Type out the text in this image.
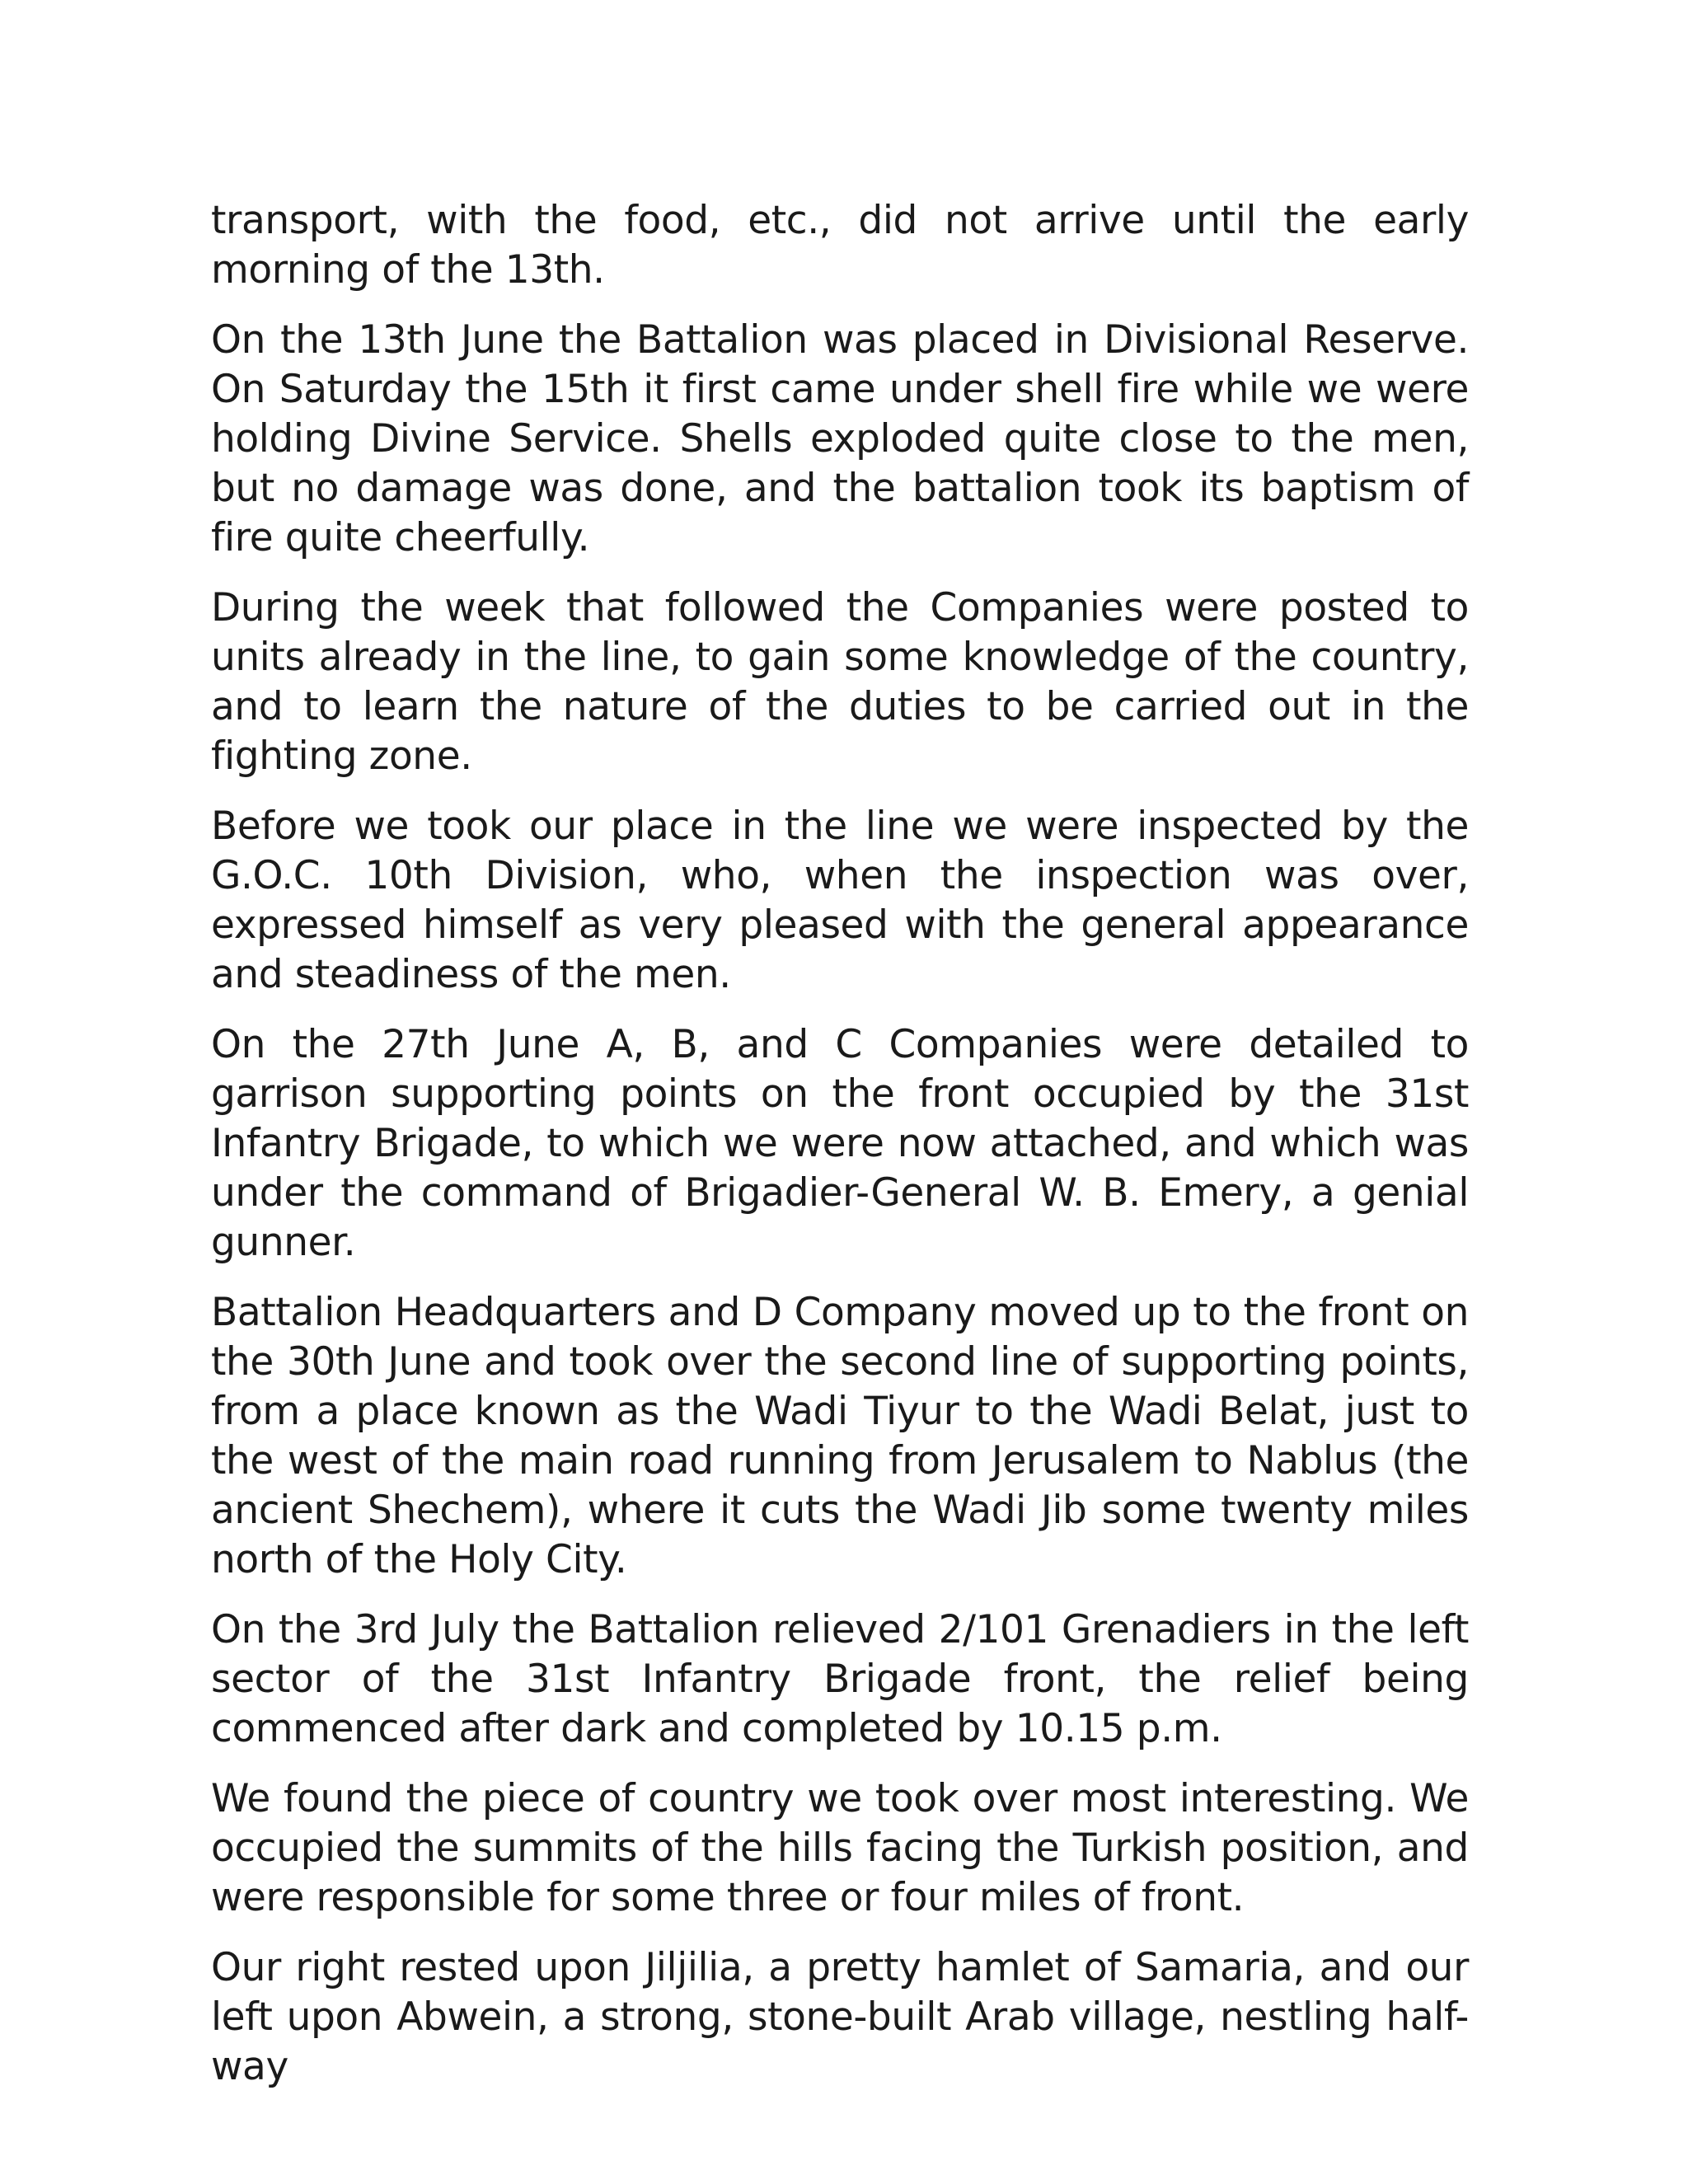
transport, with the food, etc., did not arrive until the early morning of the 13th.

On the 13th June the Battalion was placed in Divisional Reserve. On Saturday the 15th it first came under shell fire while we were holding Divine Service. Shells exploded quite close to the men, but no damage was done, and the battalion took its baptism of fire quite cheerfully.

During the week that followed the Companies were posted to units already in the line, to gain some knowledge of the country, and to learn the nature of the duties to be carried out in the fighting zone.

Before we took our place in the line we were inspected by the G.O.C. 10th Division, who, when the inspection was over, expressed himself as very pleased with the general appearance and steadiness of the men.

On the 27th June A, B, and C Companies were detailed to garrison supporting points on the front occupied by the 31st Infantry Brigade, to which we were now attached, and which was under the command of Brigadier-General W. B. Emery, a genial gunner.

Battalion Headquarters and D Company moved up to the front on the 30th June and took over the second line of supporting points, from a place known as the Wadi Tiyur to the Wadi Belat, just to the west of the main road running from Jerusalem to Nablus (the ancient Shechem), where it cuts the Wadi Jib some twenty miles north of the Holy City.

On the 3rd July the Battalion relieved 2/101 Grenadiers in the left sector of the 31st Infantry Brigade front, the relief being commenced after dark and completed by 10.15 p.m.

We found the piece of country we took over most interesting. We occupied the summits of the hills facing the Turkish position, and were responsible for some three or four miles of front.

Our right rested upon Jiljilia, a pretty hamlet of Samaria, and our left upon Abwein, a strong, stone-built Arab village, nestling half-way
